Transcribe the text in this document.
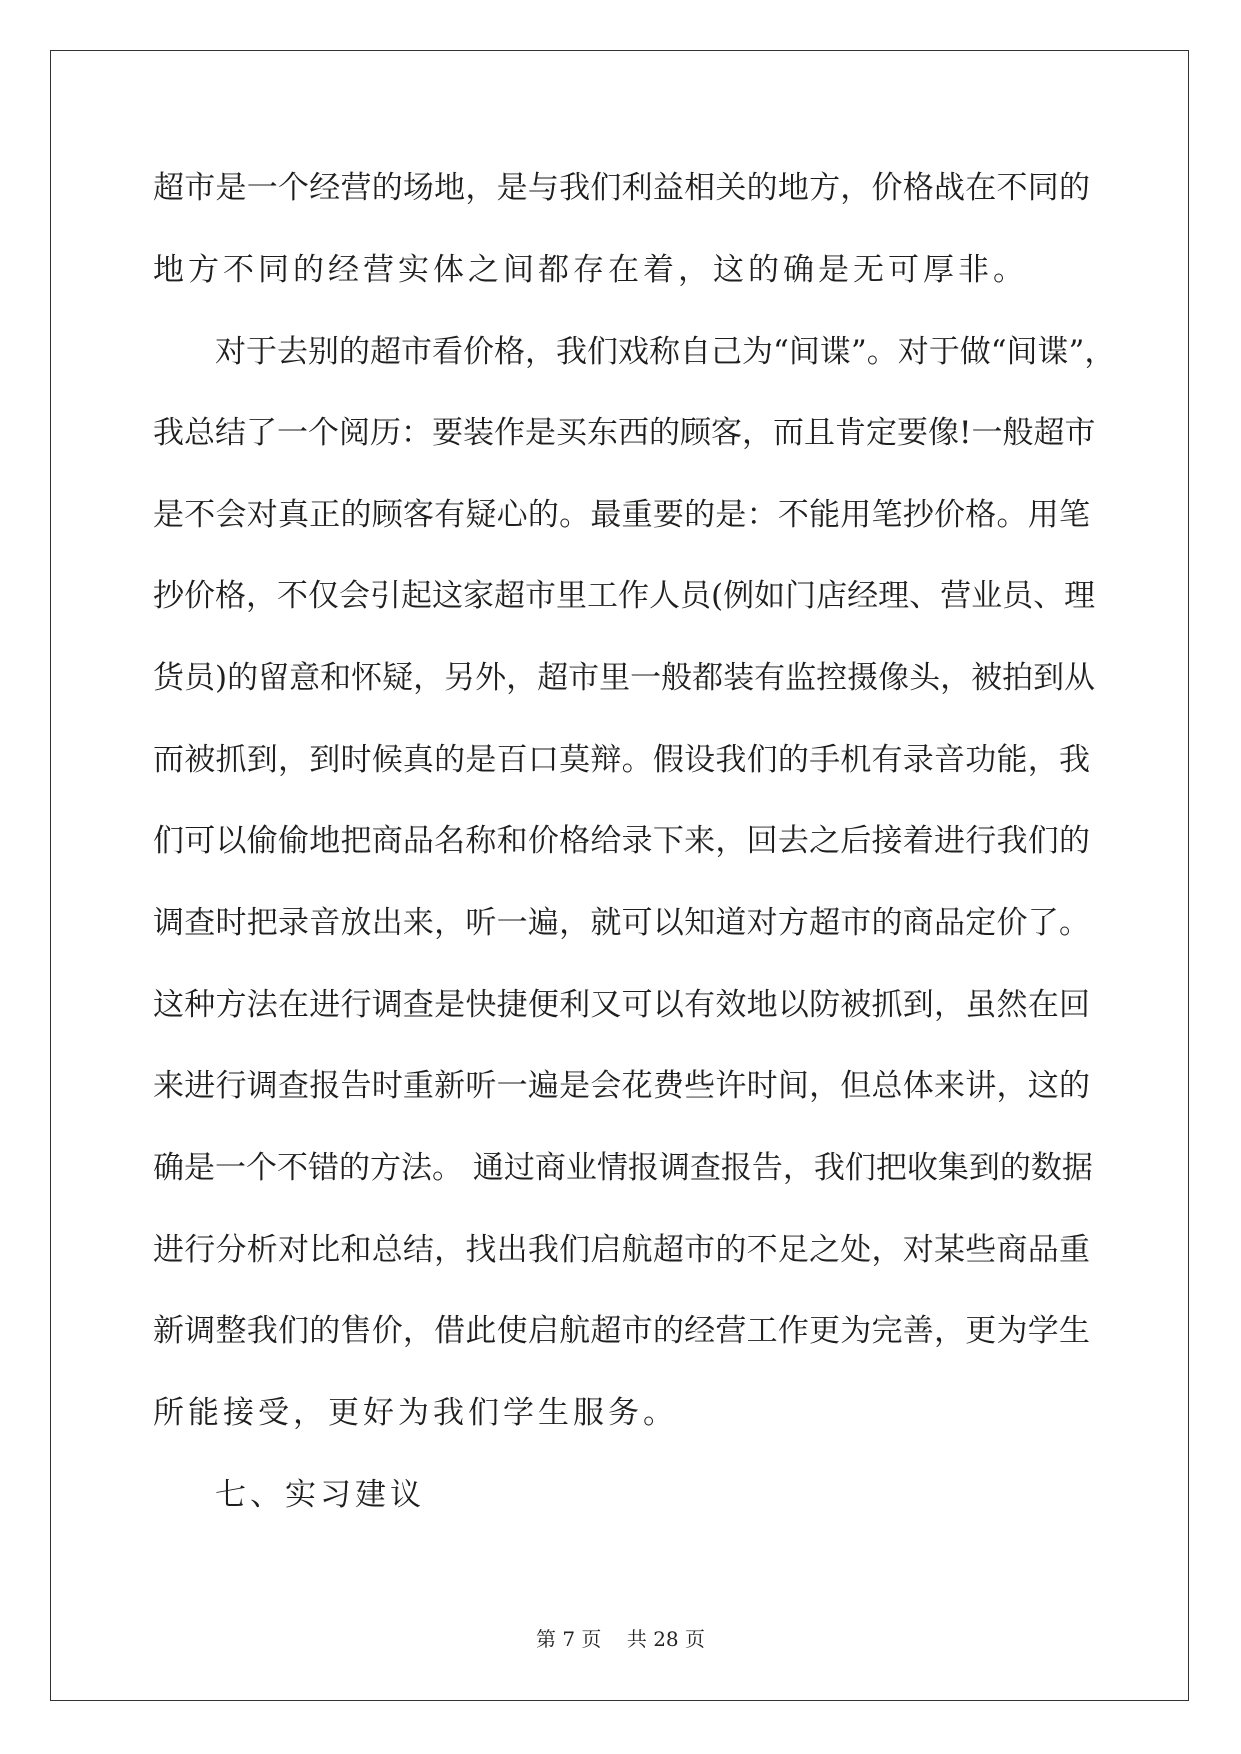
超市是一个经营的场地，是与我们利益相关的地方，价格战在不同的
地方不同的经营实体之间都存在着，这的确是无可厚非。
对于去别的超市看价格，我们戏称自己为“间谍”。对于做“间谍”，
我总结了一个阅历：要装作是买东西的顾客，而且肯定要像!一般超市
是不会对真正的顾客有疑心的。最重要的是：不能用笔抄价格。用笔
抄价格，不仅会引起这家超市里工作人员(例如门店经理、营业员、理
货员)的留意和怀疑，另外，超市里一般都装有监控摄像头，被拍到从
而被抓到，到时候真的是百口莫辩。假设我们的手机有录音功能，我
们可以偷偷地把商品名称和价格给录下来，回去之后接着进行我们的
调查时把录音放出来，听一遍，就可以知道对方超市的商品定价了。
这种方法在进行调查是快捷便利又可以有效地以防被抓到，虽然在回
来进行调查报告时重新听一遍是会花费些许时间，但总体来讲，这的
确是一个不错的方法。 通过商业情报调查报告，我们把收集到的数据
进行分析对比和总结，找出我们启航超市的不足之处，对某些商品重
新调整我们的售价，借此使启航超市的经营工作更为完善，更为学生
所能接受，更好为我们学生服务。
七、实习建议
第 7 页    共 28 页
